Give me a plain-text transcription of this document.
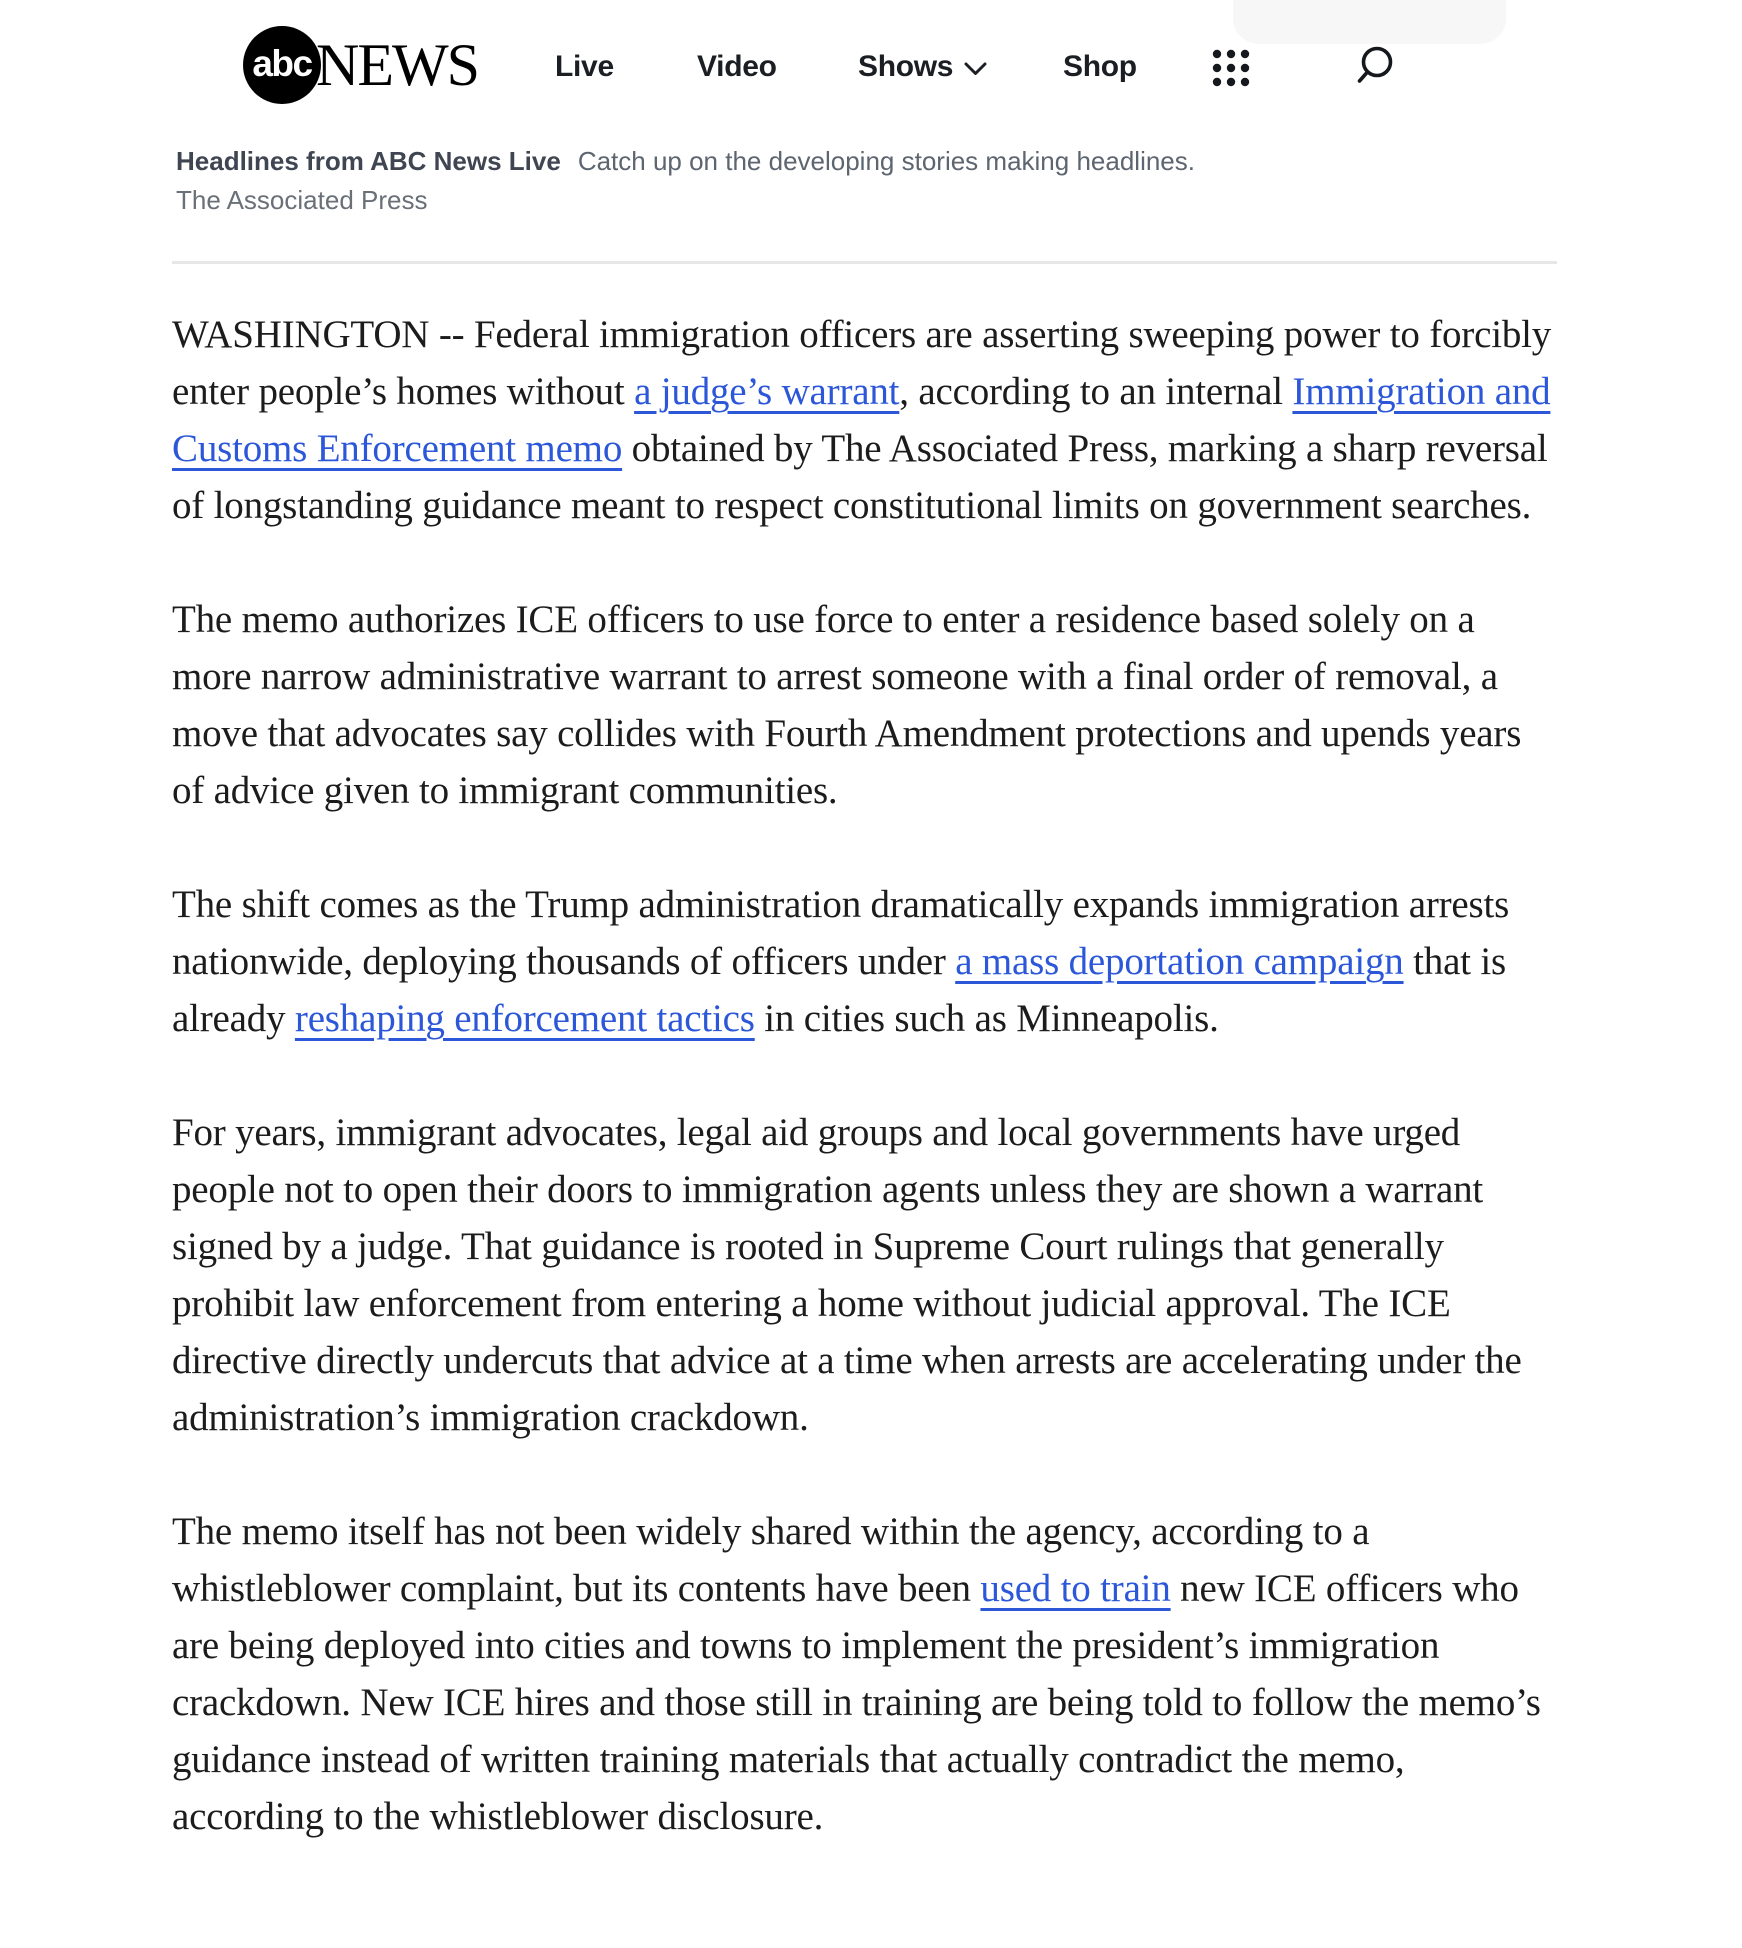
abc NEWS	Live	Video	Shows	Shop
Headlines from ABC News Live Catch up on the developing stories making headlines.
The Associated Press

WASHINGTON -- Federal immigration officers are asserting sweeping power to forcibly enter people’s homes without a judge’s warrant, according to an internal Immigration and Customs Enforcement memo obtained by The Associated Press, marking a sharp reversal of longstanding guidance meant to respect constitutional limits on government searches.

The memo authorizes ICE officers to use force to enter a residence based solely on a more narrow administrative warrant to arrest someone with a final order of removal, a move that advocates say collides with Fourth Amendment protections and upends years of advice given to immigrant communities.

The shift comes as the Trump administration dramatically expands immigration arrests nationwide, deploying thousands of officers under a mass deportation campaign that is already reshaping enforcement tactics in cities such as Minneapolis.

For years, immigrant advocates, legal aid groups and local governments have urged people not to open their doors to immigration agents unless they are shown a warrant signed by a judge. That guidance is rooted in Supreme Court rulings that generally prohibit law enforcement from entering a home without judicial approval. The ICE directive directly undercuts that advice at a time when arrests are accelerating under the administration’s immigration crackdown.

The memo itself has not been widely shared within the agency, according to a whistleblower complaint, but its contents have been used to train new ICE officers who are being deployed into cities and towns to implement the president’s immigration crackdown. New ICE hires and those still in training are being told to follow the memo’s guidance instead of written training materials that actually contradict the memo, according to the whistleblower disclosure.
